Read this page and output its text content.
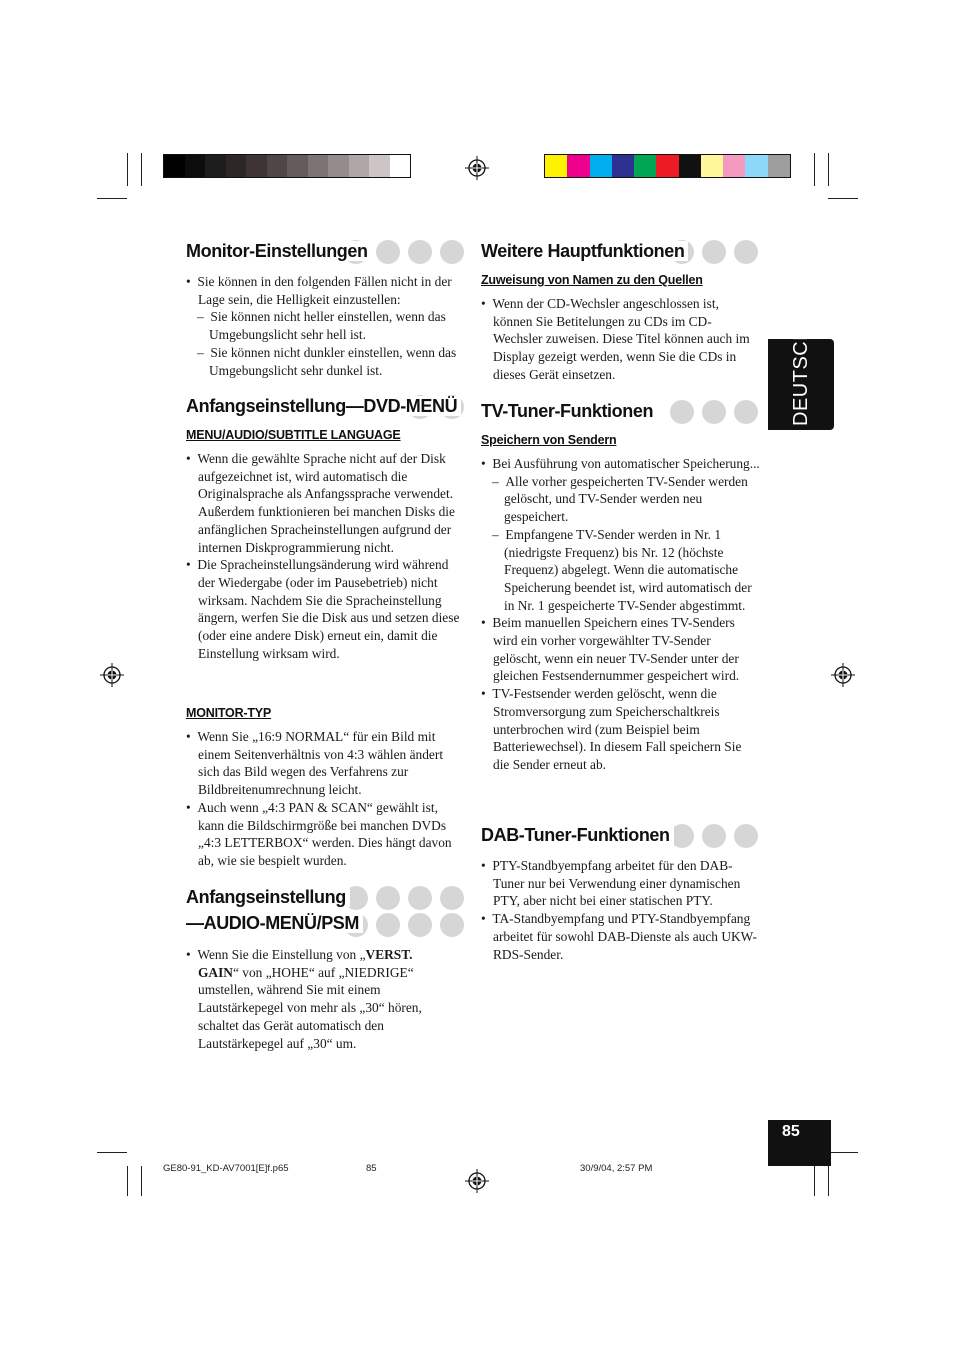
DEUTSCH
Monitor-Einstellungen

•  Sie können in den folgenden Fällen nicht in der Lage sein, die Helligkeit einzustellen:

–  Sie können nicht heller einstellen, wenn das Umgebungslicht sehr hell ist.

–  Sie können nicht dunkler einstellen, wenn das Umgebungslicht sehr dunkel ist.

Anfangseinstellung—DVD-MENÜ
MENU/AUDIO/SUBTITLE LANGUAGE

•  Wenn die gewählte Sprache nicht auf der Disk aufgezeichnet ist, wird automatisch die Originalsprache als Anfangssprache verwendet. Außerdem funktionieren bei manchen Disks die anfänglichen Spracheinstellungen aufgrund der internen Diskprogrammierung nicht.

•  Die Spracheinstellungsänderung wird während der Wiedergabe (oder im Pausebetrieb) nicht wirksam. Nachdem Sie die Spracheinstellung ängern, werfen Sie die Disk aus und setzen diese (oder eine andere Disk) erneut ein, damit die Einstellung wirksam wird.

MONITOR-TYP

•  Wenn Sie „16:9 NORMAL“ für ein Bild mit einem Seitenverhältnis von 4:3 wählen ändert sich das Bild wegen des Verfahrens zur Bildbreitenumrechnung leicht.

•  Auch wenn „4:3 PAN & SCAN“ gewählt ist, kann die Bildschirmgröße bei manchen DVDs „4:3 LETTERBOX“ werden. Dies hängt davon ab, wie sie bespielt wurden.

Anfangseinstellung
—AUDIO-MENÜ/PSM

•  Wenn Sie die Einstellung von „VERST.
GAIN“ von „HOHE“ auf „NIEDRIGE“ umstellen, während Sie mit einem Lautstärkepegel von mehr als „30“ hören, schaltet das Gerät automatisch den Lautstärkepegel auf „30“ um.

Weitere Hauptfunktionen
Zuweisung von Namen zu den Quellen

•  Wenn der CD-Wechsler angeschlossen ist, können Sie Betitelungen zu CDs im CD-Wechsler zuweisen. Diese Titel können auch im Display gezeigt werden, wenn Sie die CDs in dieses Gerät einsetzen.

TV-Tuner-Funktionen
Speichern von Sendern

•  Bei Ausführung von automatischer Speicherung...

–  Alle vorher gespeicherten TV-Sender werden gelöscht, und TV-Sender werden neu gespeichert.

–  Empfangene TV-Sender werden in Nr. 1 (niedrigste Frequenz) bis Nr. 12 (höchste Frequenz) abgelegt. Wenn die automatische Speicherung beendet ist, wird automatisch der in Nr. 1 gespeicherte TV-Sender abgestimmt.

•  Beim manuellen Speichern eines TV-Senders wird ein vorher vorgewählter TV-Sender gelöscht, wenn ein neuer TV-Sender unter der gleichen Festsendernummer gespeichert wird.

•  TV-Festsender werden gelöscht, wenn die Stromversorgung zum Speicherschaltkreis unterbrochen wird (zum Beispiel beim Batteriewechsel). In diesem Fall speichern Sie die Sender erneut ab.

DAB-Tuner-Funktionen

•  PTY-Standbyempfang arbeitet für den DAB-Tuner nur bei Verwendung einer dynamischen PTY, aber nicht bei einer statischen PTY.

•  TA-Standbyempfang und PTY-Standbyempfang arbeitet für sowohl DAB-Dienste als auch UKW-RDS-Sender.

85
GE80-91_KD-AV7001[E]f.p65	85	30/9/04, 2:57 PM
